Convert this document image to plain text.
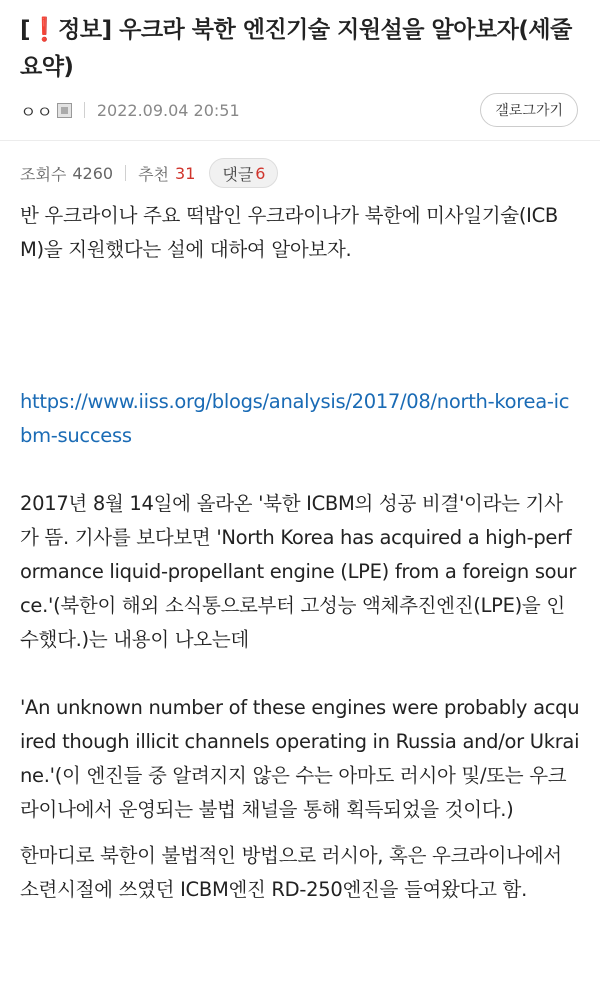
[❗정보] 우크라 북한 엔진기술 지원설을 알아보자(세줄요약)
ㅇㅇ	2022.09.04 20:51	갤로그가기
조회수 4260 추천 31 댓글 6

반 우크라이나 주요 떡밥인 우크라이나가 북한에 미사일기술(ICBM)을 지원했다는 설에 대하여 알아보자.

https://www.iiss.org/blogs/analysis/2017/08/north-korea-icbm-success

2017년 8월 14일에 올라온 '북한 ICBM의 성공 비결'이라는 기사가 뜸. 기사를 보다보면 'North Korea has acquired a high-performance liquid-propellant engine (LPE) from a foreign source.'(북한이 해외 소식통으로부터 고성능 액체추진엔진(LPE)을 인수했다.)는 내용이 나오는데

'An unknown number of these engines were probably acquired though illicit channels operating in Russia and/or Ukraine.'(이 엔진들 중 알려지지 않은 수는 아마도 러시아 및/또는 우크라이나에서 운영되는 불법 채널을 통해 획득되었을 것이다.)

한마디로 북한이 불법적인 방법으로 러시아, 혹은 우크라이나에서 소련시절에 쓰였던 ICBM엔진 RD-250엔진을 들여왔다고 함.
